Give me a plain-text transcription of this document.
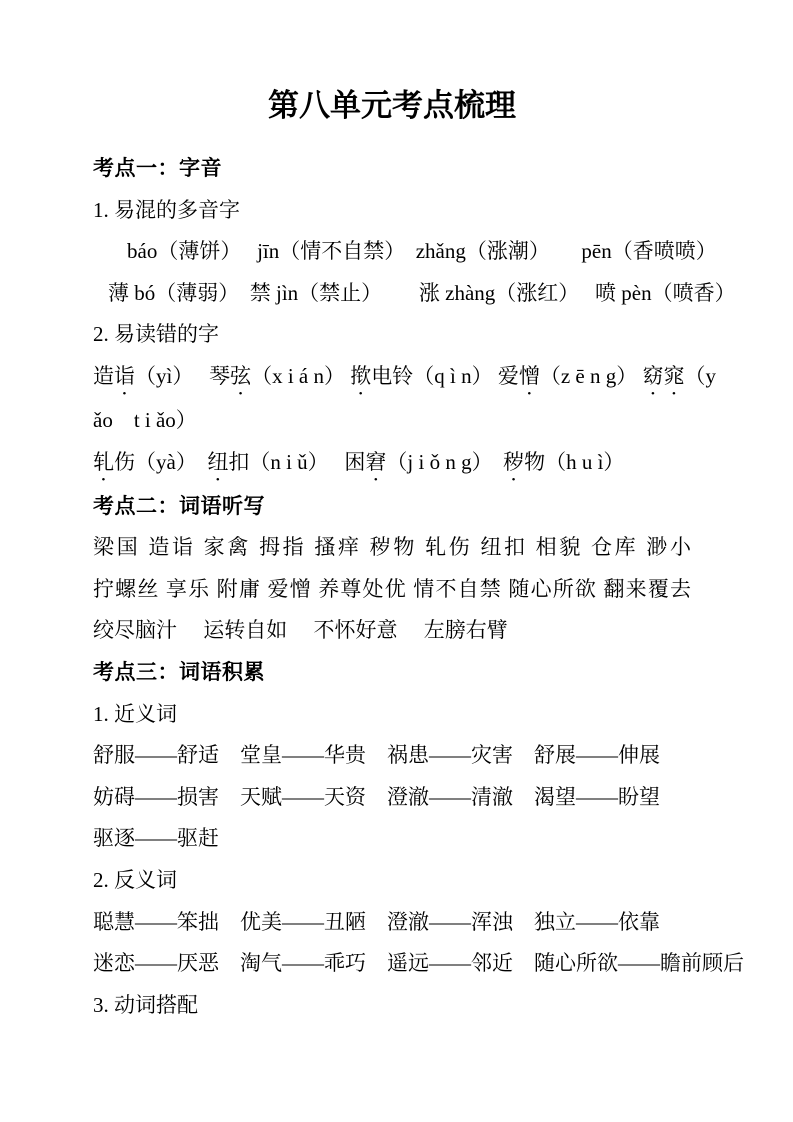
第八单元考点梳理
考点一：字音
1. 易混的多音字
báo（薄饼）　 jīn（情不自禁）　zhǎng（涨潮）　　pēn（香喷喷）
薄 bó（薄弱）  禁 jìn（禁止）　　 涨 zhàng（涨红）　 喷 pèn（喷香）
2. 易读错的字
造诣（yì）　 琴弦（x i á n） 揿电铃（q ì n） 爱憎（z ē n g） 窈窕（y
ǎo　t i ǎo）
轧伤（yà）　纽扣（n i ǔ）　 困窘（j i ǒ n g）　秽物（h u ì）
考点二：词语听写
梁国 造诣 家禽 拇指 搔痒 秽物 轧伤 纽扣 相貌 仓库 渺小
拧螺丝 享乐 附庸 爱憎 养尊处优 情不自禁 随心所欲 翻来覆去
绞尽脑汁　 运转自如　 不怀好意　 左膀右臂
考点三：词语积累
1. 近义词
舒服——舒适　堂皇——华贵　祸患——灾害　舒展——伸展
妨碍——损害　天赋——天资　澄澈——清澈　渴望——盼望
驱逐——驱赶
2. 反义词
聪慧——笨拙　优美——丑陋　澄澈——浑浊　独立——依靠
迷恋——厌恶　淘气——乖巧　遥远——邻近　随心所欲——瞻前顾后
3. 动词搭配
